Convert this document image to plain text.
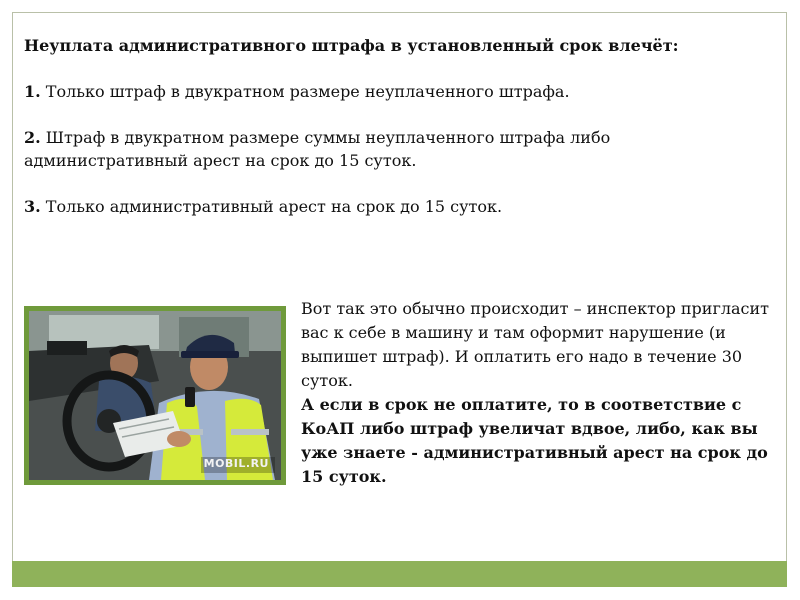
Неуплата административного штрафа в установленный срок влечёт:
1. Только штраф в двукратном размере неуплаченного штрафа.
2. Штраф в двукратном размере суммы неуплаченного штрафа либо административный арест на срок до 15 суток.
3. Только административный арест на срок до 15 суток.
MOBIL.RU
Вот так это обычно происходит – инспектор пригласит вас к себе в машину и там оформит нарушение (и выпишет штраф). И оплатить его надо в течение 30 суток.
А если в срок не оплатите, то в соответствие с КоАП либо штраф увеличат вдвое, либо, как вы уже знаете - административный арест на срок до 15 суток.
